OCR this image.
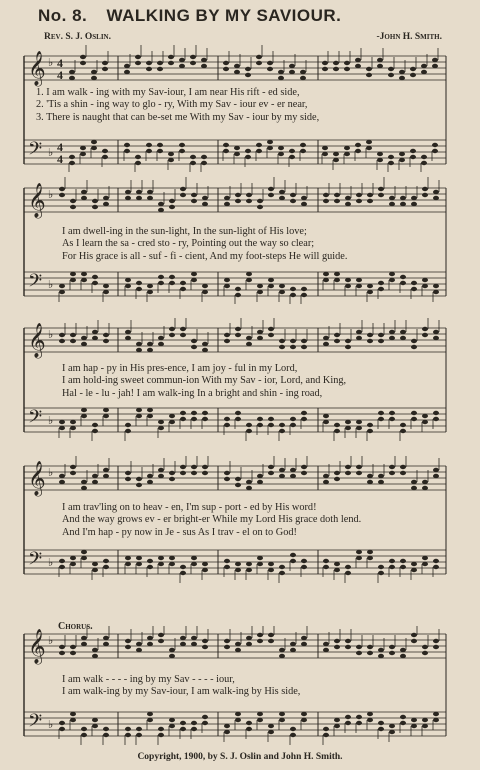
No. 8. WALKING BY MY SAVIOUR.
Rev. S. J. Oslin.	-John H. Smith.
𝄞 ♭ 4
4
𝄢 ♭ 4
4
𝄞 ♭
𝄢 ♭
𝄞 ♭
𝄢 ♭
𝄞 ♭
𝄢 ♭
𝄞 ♭
𝄢 ♭
1. I am walk - ing with my Sav-iour, I am near His rift - ed side,
2. 'Tis a shin - ing way to glo - ry, With my Sav - iour ev - er near,
3. There is naught that can be-set me With my Sav - iour by my side,
I am dwell-ing in the sun-light, In the sun-light of His love;
As I learn the sa - cred sto - ry, Pointing out the way so clear;
For His grace is all - suf - fi - cient, And my foot-steps He will guide.
I am hap - py in His pres-ence, I am joy - ful in my Lord,
I am hold-ing sweet commun-ion With my Sav - ior, Lord, and King,
Hal - le - lu - jah! I am walk-ing In a bright and shin - ing road,
I am trav'ling on to heav - en, I'm sup - port - ed by His word!
And the way grows ev - er bright-er While my Lord His grace doth lend.
And I'm hap - py now in Je - sus As I trav - el on to God!
Chorus.
I am walk - - - - ing by my Sav - - - - iour,
I am walk-ing by my Sav-iour, I am walk-ing by His side,
Copyright, 1900, by S. J. Oslin and John H. Smith.
